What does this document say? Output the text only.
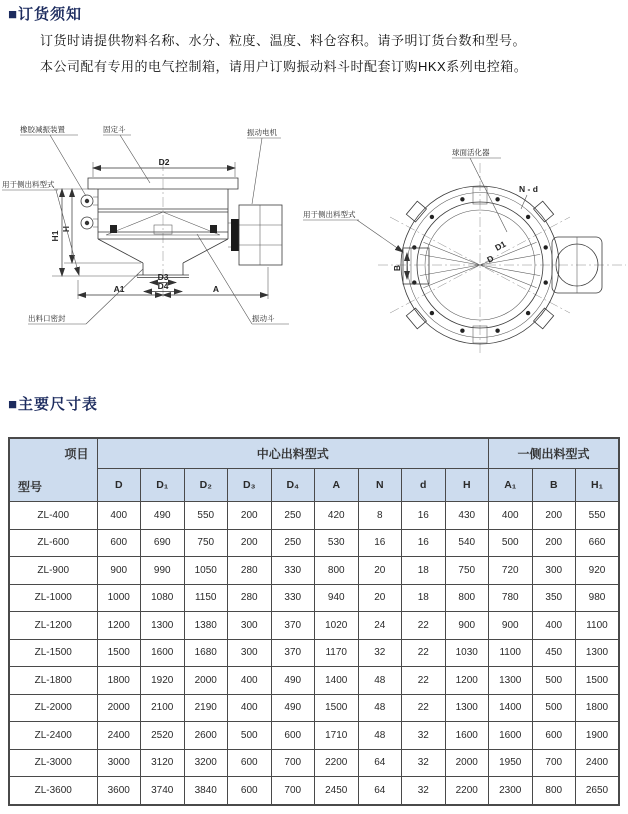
■订货须知
订货时请提供物料名称、水分、粒度、温度、料仓容积。请予明订货台数和型号。
本公司配有专用的电气控制箱，请用户订购振动料斗时配套订购HKX系列电控箱。
D2
H1
H
D3
D4
A1	A
橡胶减振装置	固定斗	振动电机
用于侧出料型式
出料口密封	振动斗
D1
D
B
球面活化器
N - d
用于侧出料型式
■主要尺寸表
项目
型号	中心出料型式									一侧出料型式		
	D	D₁	D₂	D₃	D₄	A	N	d	H	A₁	B	H₁
ZL-400	400	490	550	200	250	420	8	16	430	400	200	550
ZL-600	600	690	750	200	250	530	16	16	540	500	200	660
ZL-900	900	990	1050	280	330	800	20	18	750	720	300	920
ZL-1000	1000	1080	1150	280	330	940	20	18	800	780	350	980
ZL-1200	1200	1300	1380	300	370	1020	24	22	900	900	400	1100
ZL-1500	1500	1600	1680	300	370	1170	32	22	1030	1100	450	1300
ZL-1800	1800	1920	2000	400	490	1400	48	22	1200	1300	500	1500
ZL-2000	2000	2100	2190	400	490	1500	48	22	1300	1400	500	1800
ZL-2400	2400	2520	2600	500	600	1710	48	32	1600	1600	600	1900
ZL-3000	3000	3120	3200	600	700	2200	64	32	2000	1950	700	2400
ZL-3600	3600	3740	3840	600	700	2450	64	32	2200	2300	800	2650
